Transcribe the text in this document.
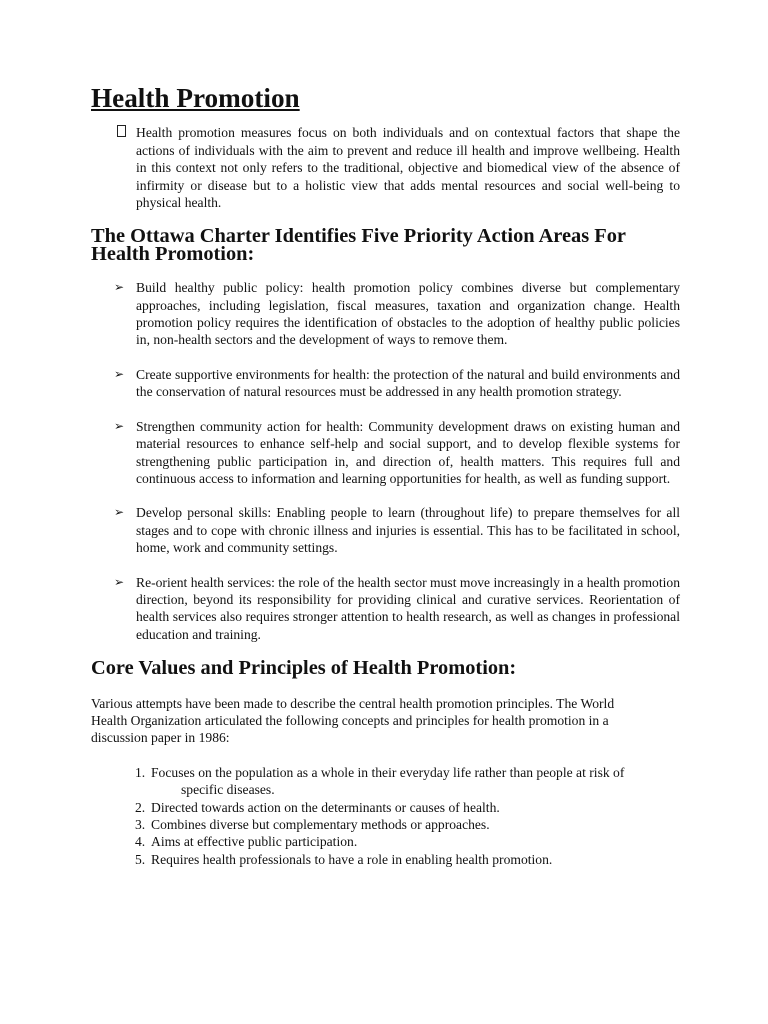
Health Promotion
Health promotion measures focus on both individuals and on contextual factors that shape the actions of individuals with the aim to prevent and reduce ill health and improve wellbeing. Health in this context not only refers to the traditional, objective and biomedical view of the absence of infirmity or disease but to a holistic view that adds mental resources and social well-being to physical health.
The Ottawa Charter Identifies Five Priority Action Areas For Health Promotion:
➢ Build healthy public policy: health promotion policy combines diverse but complementary approaches, including legislation, fiscal measures, taxation and organization change. Health promotion policy requires the identification of obstacles to the adoption of healthy public policies in, non-health sectors and the development of ways to remove them.
➢ Create supportive environments for health: the protection of the natural and build environments and the conservation of natural resources must be addressed in any health promotion strategy.
➢ Strengthen community action for health: Community development draws on existing human and material resources to enhance self-help and social support, and to develop flexible systems for strengthening public participation in, and direction of, health matters. This requires full and continuous access to information and learning opportunities for health, as well as funding support.
➢ Develop personal skills: Enabling people to learn (throughout life) to prepare themselves for all stages and to cope with chronic illness and injuries is essential. This has to be facilitated in school, home, work and community settings.
➢ Re-orient health services: the role of the health sector must move increasingly in a health promotion direction, beyond its responsibility for providing clinical and curative services. Reorientation of health services also requires stronger attention to health research, as well as changes in professional education and training.
Core Values and Principles of Health Promotion:

Various attempts have been made to describe the central health promotion principles. The World Health Organization articulated the following concepts and principles for health promotion in a discussion paper in 1986:

1. Focuses on the population as a whole in their everyday life rather than people at risk of
specific diseases.
2. Directed towards action on the determinants or causes of health.
3. Combines diverse but complementary methods or approaches.
4. Aims at effective public participation.
5. Requires health professionals to have a role in enabling health promotion.
